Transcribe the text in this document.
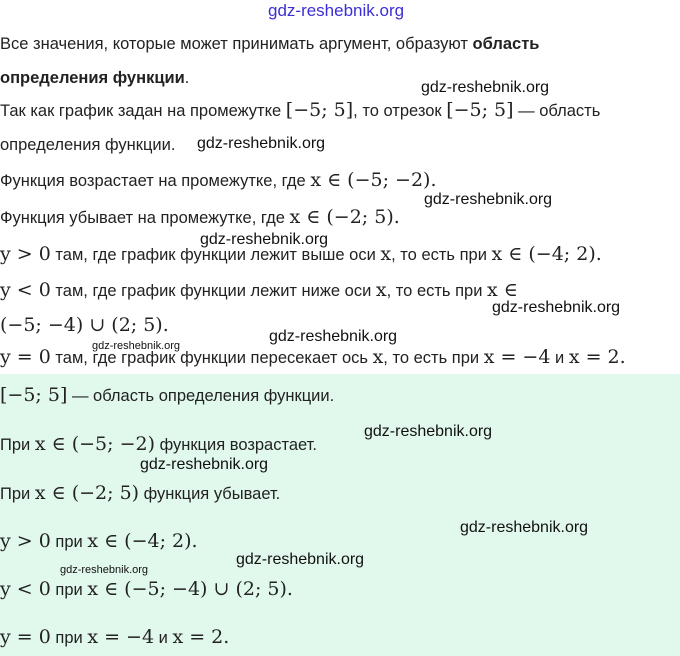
Все значения, которые может принимать аргумент, образуют область
определения функции.
Так как график задан на промежутке [−5; 5], то отрезок [−5; 5] — область
определения функции.
Функция возрастает на промежутке, где x ∈ (−5; −2).
Функция убывает на промежутке, где x ∈ (−2; 5).
y > 0 там, где график функции лежит выше оси x, то есть при x ∈ (−4; 2).
y < 0 там, где график функции лежит ниже оси x, то есть при x ∈
(−5; −4) ∪ (2; 5).
y = 0 там, где график функции пересекает ось x, то есть при x = −4 и x = 2.
[−5; 5] — область определения функции.
При x ∈ (−5; −2) функция возрастает.
При x ∈ (−2; 5) функция убывает.
y > 0 при x ∈ (−4; 2).
y < 0 при x ∈ (−5; −4) ∪ (2; 5).
y = 0 при x = −4 и x = 2.
gdz-reshebnik.org
gdz-reshebnik.org
gdz-reshebnik.org
gdz-reshebnik.org
gdz-reshebnik.org
gdz-reshebnik.org
gdz-reshebnik.org
gdz-reshebnik.org
gdz-reshebnik.org
gdz-reshebnik.org
gdz-reshebnik.org
gdz-reshebnik.org
gdz-reshebnik.org
